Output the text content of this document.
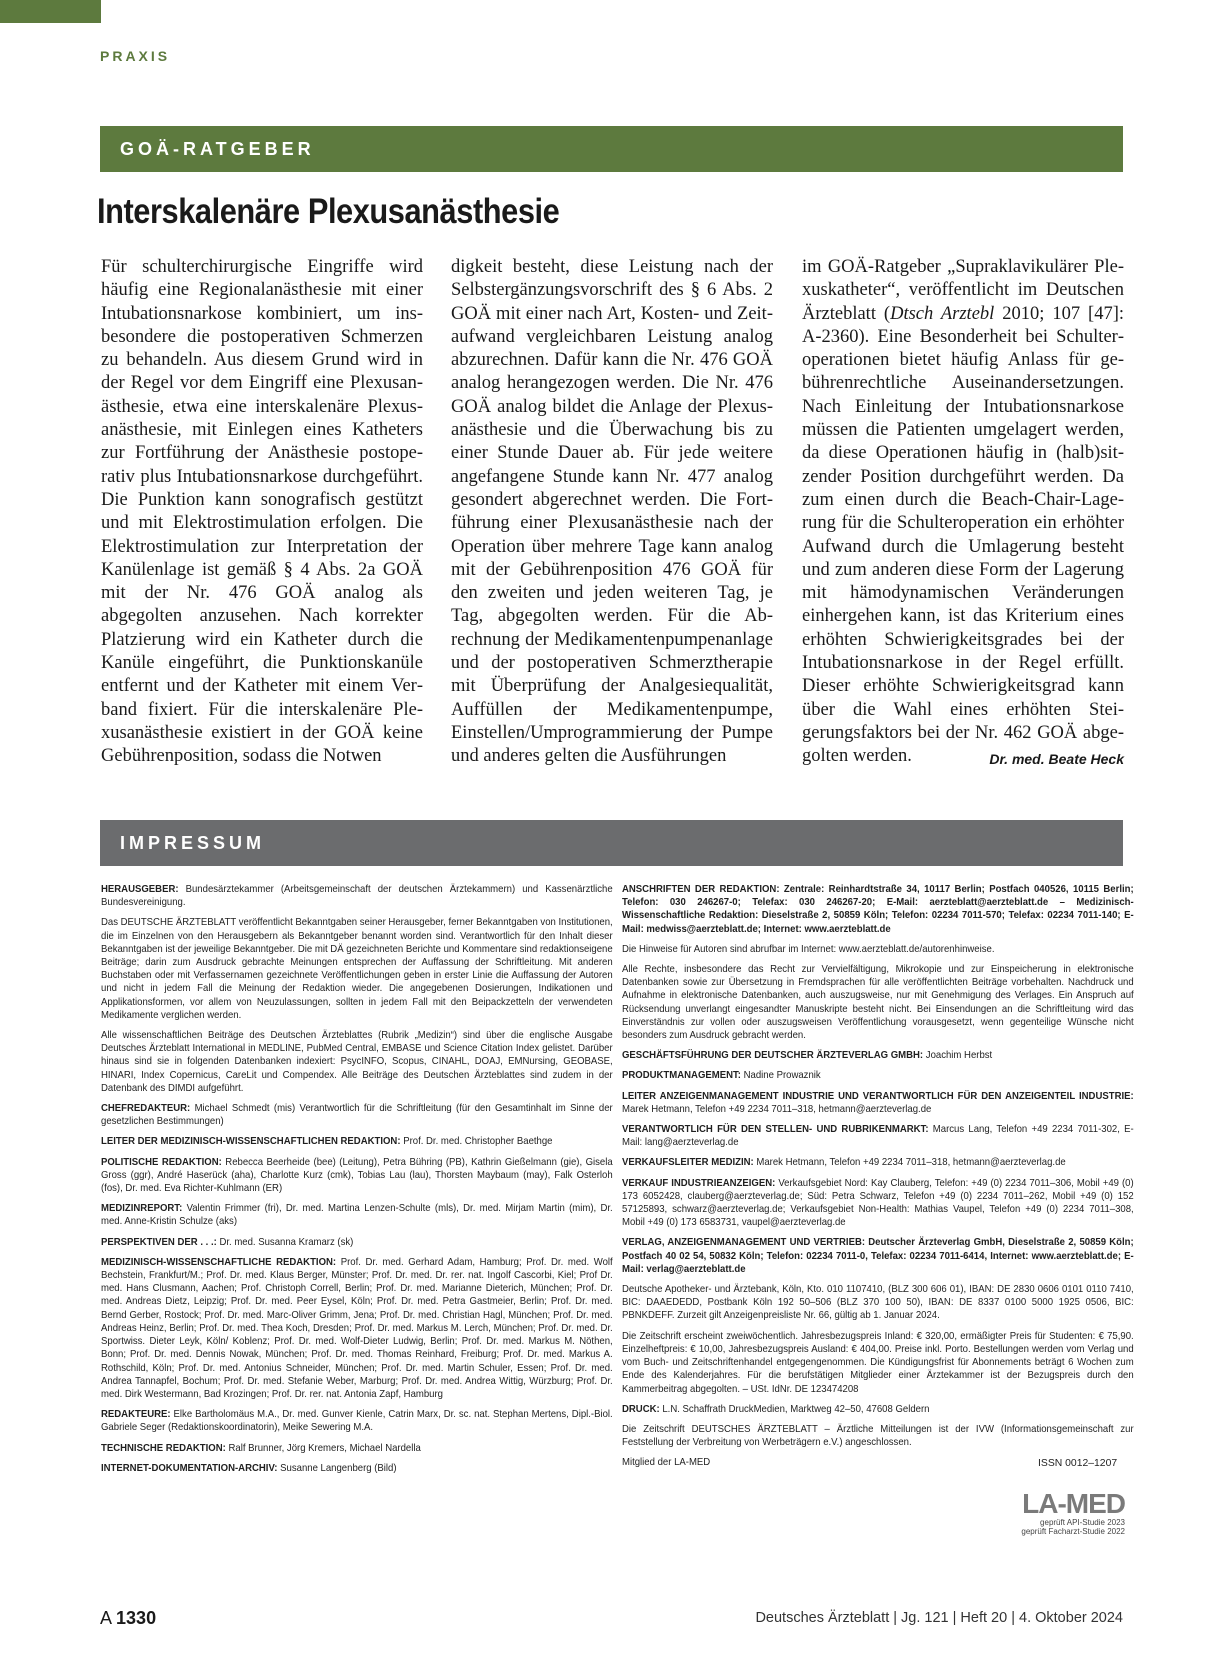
PRAXIS
GOÄ-RATGEBER
Interskalenäre Plexusanästhesie

Für schulterchirurgische Eingriffe wird häufig eine Regionalanästhesie mit einer Intubationsnarkose kombiniert, um insbesondere die postoperativen Schmerzen zu behandeln. Aus diesem Grund wird in der Regel vor dem Eingriff eine Plexusanästhesie, etwa eine interskalenäre Plexusanästhesie, mit Einlegen eines Katheters zur Fortführung der Anästhesie postoperativ plus Intubationsnarkose durchgeführt. Die Punktion kann sonografisch gestützt und mit Elektrostimulation erfolgen. Die Elektrostimulation zur Interpretation der Kanülenlage ist gemäß § 4 Abs. 2a GOÄ mit der Nr. 476 GOÄ analog als abgegolten anzusehen. Nach korrekter Platzierung wird ein Katheter durch die Kanüle eingeführt, die Punktionskanüle entfernt und der Katheter mit einem Verband fixiert. Für die interskalenäre Plexusanästhesie existiert in der GOÄ keine Gebührenposition, sodass die Notwen

digkeit besteht, diese Leistung nach der Selbstergänzungsvorschrift des § 6 Abs. 2 GOÄ mit einer nach Art, Kosten- und Zeitaufwand vergleichbaren Leistung analog abzurechnen. Dafür kann die Nr. 476 GOÄ analog herangezogen werden. Die Nr. 476 GOÄ analog bildet die Anlage der Plexusanästhesie und die Überwachung bis zu einer Stunde Dauer ab. Für jede weitere angefangene Stunde kann Nr. 477 analog gesondert abgerechnet werden. Die Fortführung einer Plexusanästhesie nach der Operation über mehrere Tage kann analog mit der Gebührenposition 476 GOÄ für den zweiten und jeden weiteren Tag, je Tag, abgegolten werden. Für die Abrechnung der Medikamentenpumpenanlage und der postoperativen Schmerztherapie mit Überprüfung der Analgesiequalität, Auffüllen der Medikamentenpumpe, Einstellen/Umprogrammierung der Pumpe und anderes gelten die Ausführungen

im GOÄ-Ratgeber „Supraklavikulärer Plexuskatheter“, veröffentlicht im Deutschen Ärzteblatt (Dtsch Arztebl 2010; 107 [47]: A-2360). Eine Besonderheit bei Schulteroperationen bietet häufig Anlass für gebührenrechtliche Auseinandersetzungen. Nach Einleitung der Intubationsnarkose müssen die Patienten umgelagert werden, da diese Operationen häufig in (halb)sitzender Position durchgeführt werden. Da zum einen durch die Beach-Chair-Lagerung für die Schulteroperation ein erhöhter Aufwand durch die Umlagerung besteht und zum anderen diese Form der Lagerung mit hämodynamischen Veränderungen einhergehen kann, ist das Kriterium eines erhöhten Schwierigkeitsgrades bei der Intubationsnarkose in der Regel erfüllt. Dieser erhöhte Schwierigkeitsgrad kann über die Wahl eines erhöhten Steigerungsfaktors bei der Nr. 462 GOÄ abgegolten werden.	Dr. med. Beate Heck

IMPRESSUM

HERAUSGEBER: Bundesärztekammer (Arbeitsgemeinschaft der deutschen Ärztekammern) und Kassenärztliche Bundesvereinigung.

Das DEUTSCHE ÄRZTEBLATT veröffentlicht Bekanntgaben seiner Herausgeber, ferner Bekanntgaben von Institutionen, die im Einzelnen von den Herausgebern als Bekanntgeber benannt worden sind. Verantwortlich für den Inhalt dieser Bekanntgaben ist der jeweilige Bekanntgeber. Die mit DÄ gezeichneten Berichte und Kommentare sind redaktionseigene Beiträge; darin zum Ausdruck gebrachte Meinungen entsprechen der Auffassung der Schriftleitung. Mit anderen Buchstaben oder mit Verfassernamen gezeichnete Veröffentlichungen geben in erster Linie die Auffassung der Autoren und nicht in jedem Fall die Meinung der Redaktion wieder. Die angegebenen Dosierungen, Indikationen und Applikationsformen, vor allem von Neuzulassungen, sollten in jedem Fall mit den Beipackzetteln der verwendeten Medikamente verglichen werden.

Alle wissenschaftlichen Beiträge des Deutschen Ärzteblattes (Rubrik „Medizin“) sind über die englische Ausgabe Deutsches Ärzteblatt International in MEDLINE, PubMed Central, EMBASE und Science Citation Index gelistet. Darüber hinaus sind sie in folgenden Datenbanken indexiert: PsycINFO, Scopus, CINAHL, DOAJ, EMNursing, GEOBASE, HINARI, Index Copernicus, CareLit und Compendex. Alle Beiträge des Deutschen Ärzteblattes sind zudem in der Datenbank des DIMDI aufgeführt.

CHEFREDAKTEUR: Michael Schmedt (mis) Verantwortlich für die Schriftleitung (für den Gesamtinhalt im Sinne der gesetzlichen Bestimmungen)

LEITER DER MEDIZINISCH-WISSENSCHAFTLICHEN REDAKTION: Prof. Dr. med. Christopher Baethge

POLITISCHE REDAKTION: Rebecca Beerheide (bee) (Leitung), Petra Bühring (PB), Kathrin Gießelmann (gie), Gisela Gross (ggr), André Haserück (aha), Charlotte Kurz (cmk), Tobias Lau (lau), Thorsten Maybaum (may), Falk Osterloh (fos), Dr. med. Eva Richter-Kuhlmann (ER)

MEDIZINREPORT: Valentin Frimmer (fri), Dr. med. Martina Lenzen-Schulte (mls), Dr. med. Mirjam Martin (mim), Dr. med. Anne-Kristin Schulze (aks)

PERSPEKTIVEN DER . . .: Dr. med. Susanna Kramarz (sk)

MEDIZINISCH-WISSENSCHAFTLICHE REDAKTION: Prof. Dr. med. Gerhard Adam, Hamburg; Prof. Dr. med. Wolf Bechstein, Frankfurt/M.; Prof. Dr. med. Klaus Berger, Münster; Prof. Dr. med. Dr. rer. nat. Ingolf Cascorbi, Kiel; Prof Dr. med. Hans Clusmann, Aachen; Prof. Christoph Correll, Berlin; Prof. Dr. med. Marianne Dieterich, München; Prof. Dr. med. Andreas Dietz, Leipzig; Prof. Dr. med. Peer Eysel, Köln; Prof. Dr. med. Petra Gastmeier, Berlin; Prof. Dr. med. Bernd Gerber, Rostock; Prof. Dr. med. Marc-Oliver Grimm, Jena; Prof. Dr. med. Christian Hagl, München; Prof. Dr. med. Andreas Heinz, Berlin; Prof. Dr. med. Thea Koch, Dresden; Prof. Dr. med. Markus M. Lerch, München; Prof. Dr. med. Dr. Sportwiss. Dieter Leyk, Köln/ Koblenz; Prof. Dr. med. Wolf-Dieter Ludwig, Berlin; Prof. Dr. med. Markus M. Nöthen, Bonn; Prof. Dr. med. Dennis Nowak, München; Prof. Dr. med. Thomas Reinhard, Freiburg; Prof. Dr. med. Markus A. Rothschild, Köln; Prof. Dr. med. Antonius Schneider, München; Prof. Dr. med. Martin Schuler, Essen; Prof. Dr. med. Andrea Tannapfel, Bochum; Prof. Dr. med. Stefanie Weber, Marburg; Prof. Dr. med. Andrea Wittig, Würzburg; Prof. Dr. med. Dirk Westermann, Bad Krozingen; Prof. Dr. rer. nat. Antonia Zapf, Hamburg

REDAKTEURE: Elke Bartholomäus M.A., Dr. med. Gunver Kienle, Catrin Marx, Dr. sc. nat. Stephan Mertens, Dipl.-Biol. Gabriele Seger (Redaktionskoordinatorin), Meike Sewering M.A.

TECHNISCHE REDAKTION: Ralf Brunner, Jörg Kremers, Michael Nardella

INTERNET-DOKUMENTATION-ARCHIV: Susanne Langenberg (Bild)

ANSCHRIFTEN DER REDAKTION: Zentrale: Reinhardtstraße 34, 10117 Berlin; Postfach 040526, 10115 Berlin; Telefon: 030 246267-0; Telefax: 030 246267-20; E-Mail: aerzteblatt@aerzteblatt.de – Medizinisch-Wissenschaftliche Redaktion: Dieselstraße 2, 50859 Köln; Telefon: 02234 7011-570; Telefax: 02234 7011-140; E-Mail: medwiss@aerzteblatt.de; Internet: www.aerzteblatt.de

Die Hinweise für Autoren sind abrufbar im Internet: www.aerzteblatt.de/autorenhinweise.

Alle Rechte, insbesondere das Recht zur Vervielfältigung, Mikrokopie und zur Einspeicherung in elektronische Datenbanken sowie zur Übersetzung in Fremdsprachen für alle veröffentlichten Beiträge vorbehalten. Nachdruck und Aufnahme in elektronische Datenbanken, auch auszugsweise, nur mit Genehmigung des Verlages. Ein Anspruch auf Rücksendung unverlangt eingesandter Manuskripte besteht nicht. Bei Einsendungen an die Schriftleitung wird das Einverständnis zur vollen oder auszugsweisen Veröffentlichung vorausgesetzt, wenn gegenteilige Wünsche nicht besonders zum Ausdruck gebracht werden.

GESCHÄFTSFÜHRUNG DER DEUTSCHER ÄRZTEVERLAG GMBH: Joachim Herbst

PRODUKTMANAGEMENT: Nadine Prowaznik

LEITER ANZEIGENMANAGEMENT INDUSTRIE UND VERANTWORTLICH FÜR DEN ANZEIGENTEIL INDUSTRIE: Marek Hetmann, Telefon +49 2234 7011–318, hetmann@aerzteverlag.de

VERANTWORTLICH FÜR DEN STELLEN- UND RUBRIKENMARKT: Marcus Lang, Telefon +49 2234 7011-302, E-Mail: lang@aerzteverlag.de

VERKAUFSLEITER MEDIZIN: Marek Hetmann, Telefon +49 2234 7011–318, hetmann@aerzteverlag.de

VERKAUF INDUSTRIEANZEIGEN: Verkaufsgebiet Nord: Kay Clauberg, Telefon: +49 (0) 2234 7011–306, Mobil +49 (0) 173 6052428, clauberg@aerzteverlag.de; Süd: Petra Schwarz, Telefon +49 (0) 2234 7011–262, Mobil +49 (0) 152 57125893, schwarz@aerzteverlag.de; Verkaufsgebiet Non-Health: Mathias Vaupel, Telefon +49 (0) 2234 7011–308, Mobil +49 (0) 173 6583731, vaupel@aerzteverlag.de

VERLAG, ANZEIGENMANAGEMENT UND VERTRIEB: Deutscher Ärzteverlag GmbH, Dieselstraße 2, 50859 Köln; Postfach 40 02 54, 50832 Köln; Telefon: 02234 7011-0, Telefax: 02234 7011-6414, Internet: www.aerzteblatt.de; E-Mail: verlag@aerzteblatt.de

Deutsche Apotheker- und Ärztebank, Köln, Kto. 010 1107410, (BLZ 300 606 01), IBAN: DE 2830 0606 0101 0110 7410, BIC: DAAEDEDD, Postbank Köln 192 50–506 (BLZ 370 100 50), IBAN: DE 8337 0100 5000 1925 0506, BIC: PBNKDEFF. Zurzeit gilt Anzeigenpreisliste Nr. 66, gültig ab 1. Januar 2024.

Die Zeitschrift erscheint zweiwöchentlich. Jahresbezugspreis Inland: € 320,00, ermäßigter Preis für Studenten: € 75,90. Einzelheftpreis: € 10,00, Jahresbezugspreis Ausland: € 404,00. Preise inkl. Porto. Bestellungen werden vom Verlag und vom Buch- und Zeitschriftenhandel entgegengenommen. Die Kündigungsfrist für Abonnements beträgt 6 Wochen zum Ende des Kalenderjahres. Für die berufstätigen Mitglieder einer Ärztekammer ist der Bezugspreis durch den Kammerbeitrag abgegolten. – USt. IdNr. DE 123474208

DRUCK: L.N. Schaffrath DruckMedien, Marktweg 42–50, 47608 Geldern

Die Zeitschrift DEUTSCHES ÄRZTEBLATT – Ärztliche Mitteilungen ist der IVW (Informationsgemeinschaft zur Feststellung der Verbreitung von Werbeträgern e.V.) angeschlossen.

Mitglied der LA-MED	ISSN 0012–1207
LA-MED
geprüft API-Studie 2023
geprüft Facharzt-Studie 2022
A 1330	Deutsches Ärzteblatt | Jg. 121 | Heft 20 | 4. Oktober 2024
